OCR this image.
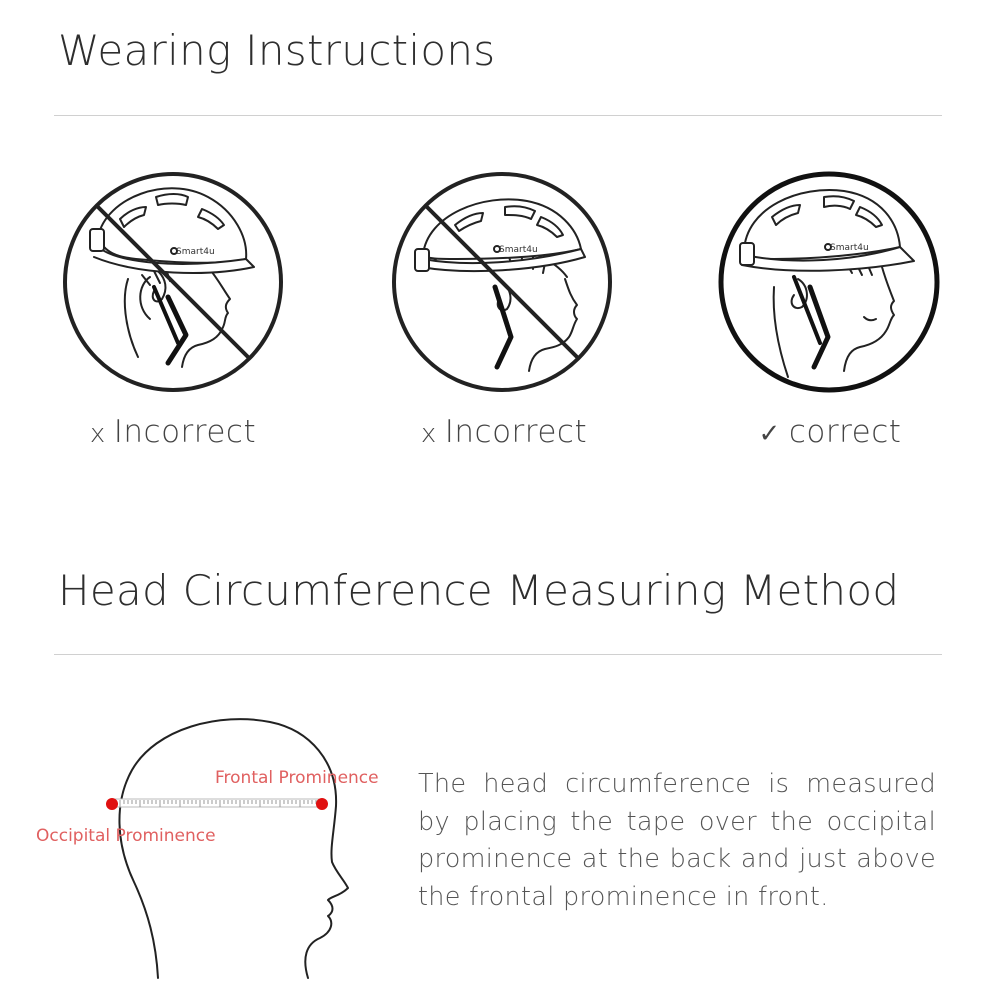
Wearing Instructions
Smart4u
x Incorrect
Smart4u
x Incorrect
Smart4u
✓ correct
Head Circumference Measuring Method
Frontal Prominence
Occipital Prominence

The head circumference is measured by placing the tape over the occipital prominence at the back and just above the frontal prominence in front.
